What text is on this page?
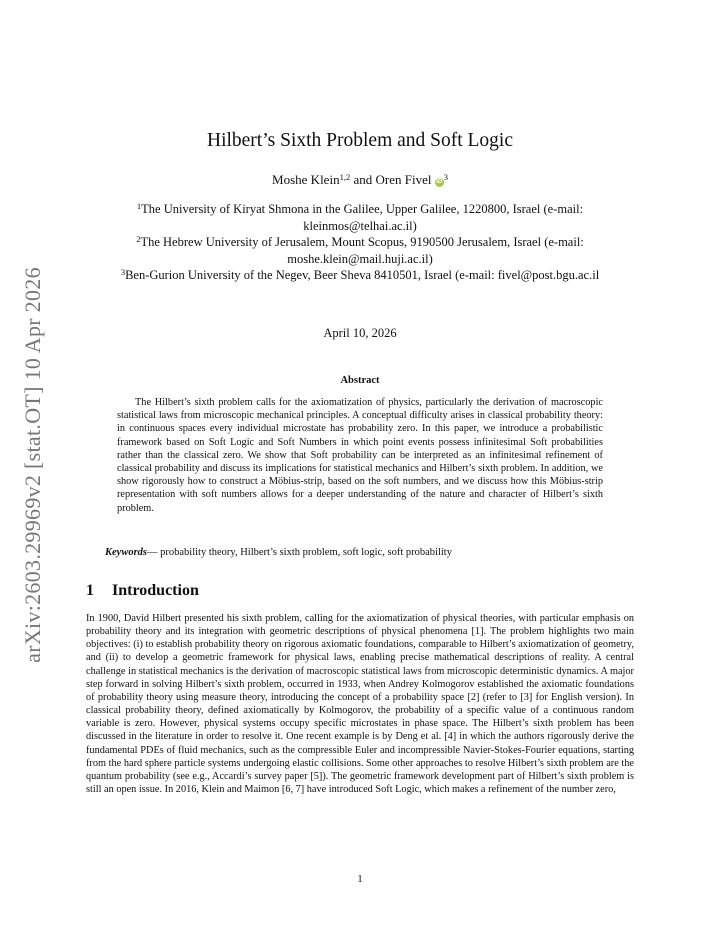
arXiv:2603.29969v2 [stat.OT] 10 Apr 2026
Hilbert’s Sixth Problem and Soft Logic
Moshe Klein$^{1,2}$ and Oren Fivel iD $^3$
$^1$The University of Kiryat Shmona in the Galilee, Upper Galilee, 1220800, Israel (e-mail: kleinmos@telhai.ac.il)
$^2$The Hebrew University of Jerusalem, Mount Scopus, 9190500 Jerusalem, Israel (e-mail: moshe.klein@mail.huji.ac.il)
$^3$Ben-Gurion University of the Negev, Beer Sheva 8410501, Israel (e-mail: fivel@post.bgu.ac.il
April 10, 2026
Abstract
The Hilbert’s sixth problem calls for the axiomatization of physics, particularly the derivation of macroscopic statistical laws from microscopic mechanical principles. A conceptual difficulty arises in classical probability theory: in continuous spaces every individual microstate has probability zero. In this paper, we introduce a probabilistic framework based on Soft Logic and Soft Numbers in which point events possess infinitesimal Soft probabilities rather than the classical zero. We show that Soft probability can be interpreted as an infinitesimal refinement of classical probability and discuss its implications for statistical mechanics and Hilbert’s sixth problem. In addition, we show rigorously how to construct a Möbius-strip, based on the soft numbers, and we discuss how this Möbius-strip representation with soft numbers allows for a deeper understanding of the nature and character of Hilbert’s sixth problem.
Keywords— probability theory, Hilbert’s sixth problem, soft logic, soft probability
1 Introduction
In 1900, David Hilbert presented his sixth problem, calling for the axiomatization of physical theories, with particular emphasis on probability theory and its integration with geometric descriptions of physical phenomena [1]. The problem highlights two main objectives: (i) to establish probability theory on rigorous axiomatic foundations, comparable to Hilbert’s axiomatization of geometry, and (ii) to develop a geometric framework for physical laws, enabling precise mathematical descriptions of reality. A central challenge in statistical mechanics is the derivation of macroscopic statistical laws from microscopic deterministic dynamics. A major step forward in solving Hilbert’s sixth problem, occurred in 1933, when Andrey Kolmogorov established the axiomatic foundations of probability theory using measure theory, introducing the concept of a probability space [2] (refer to [3] for English version). In classical probability theory, defined axiomatically by Kolmogorov, the probability of a specific value of a continuous random variable is zero. However, physical systems occupy specific microstates in phase space. The Hilbert’s sixth problem has been discussed in the literature in order to resolve it. One recent example is by Deng et al. [4] in which the authors rigorously derive the fundamental PDEs of fluid mechanics, such as the compressible Euler and incompressible Navier-Stokes-Fourier equations, starting from the hard sphere particle systems undergoing elastic collisions. Some other approaches to resolve Hilbert’s sixth problem are the quantum probability (see e.g., Accardi’s survey paper [5]). The geometric framework development part of Hilbert’s sixth problem is still an open issue. In 2016, Klein and Maimon [6, 7] have introduced Soft Logic, which makes a refinement of the number zero,
1
